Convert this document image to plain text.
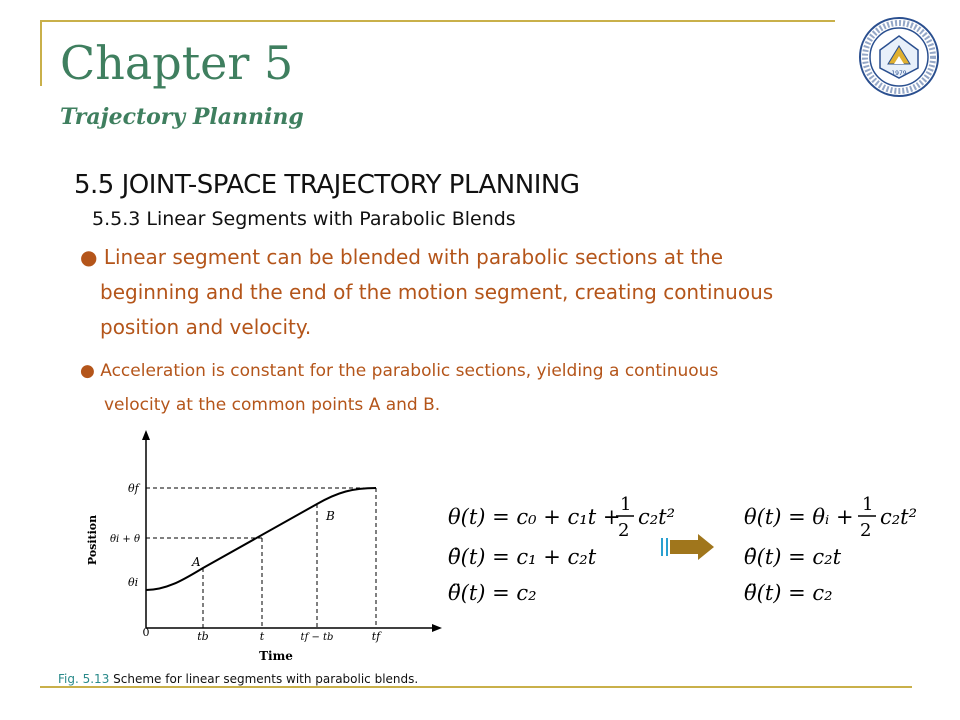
Chapter 5
Trajectory Planning
1979
5.5 JOINT-SPACE TRAJECTORY PLANNING
5.5.3 Linear Segments with Parabolic Blends
● Linear segment can be blended with parabolic sections at the
beginning and the end of the motion segment, creating continuous
position and velocity.
● Acceleration is constant for the parabolic sections, yielding a continuous
velocity at the common points A and B.
θf
θi + θ
θi
Position
0	tb	t	tf − tb	tf
Time
A
B	θ(t) = c₀ + c₁t +
1
2
c₂t²
θ̇(t) = c₁ + c₂t
θ̈(t) = c₂
θ(t) = θᵢ +
1
2
c₂t²
θ̇(t) = c₂t
θ̈(t) = c₂
Fig. 5.13 Scheme for linear segments with parabolic blends.
